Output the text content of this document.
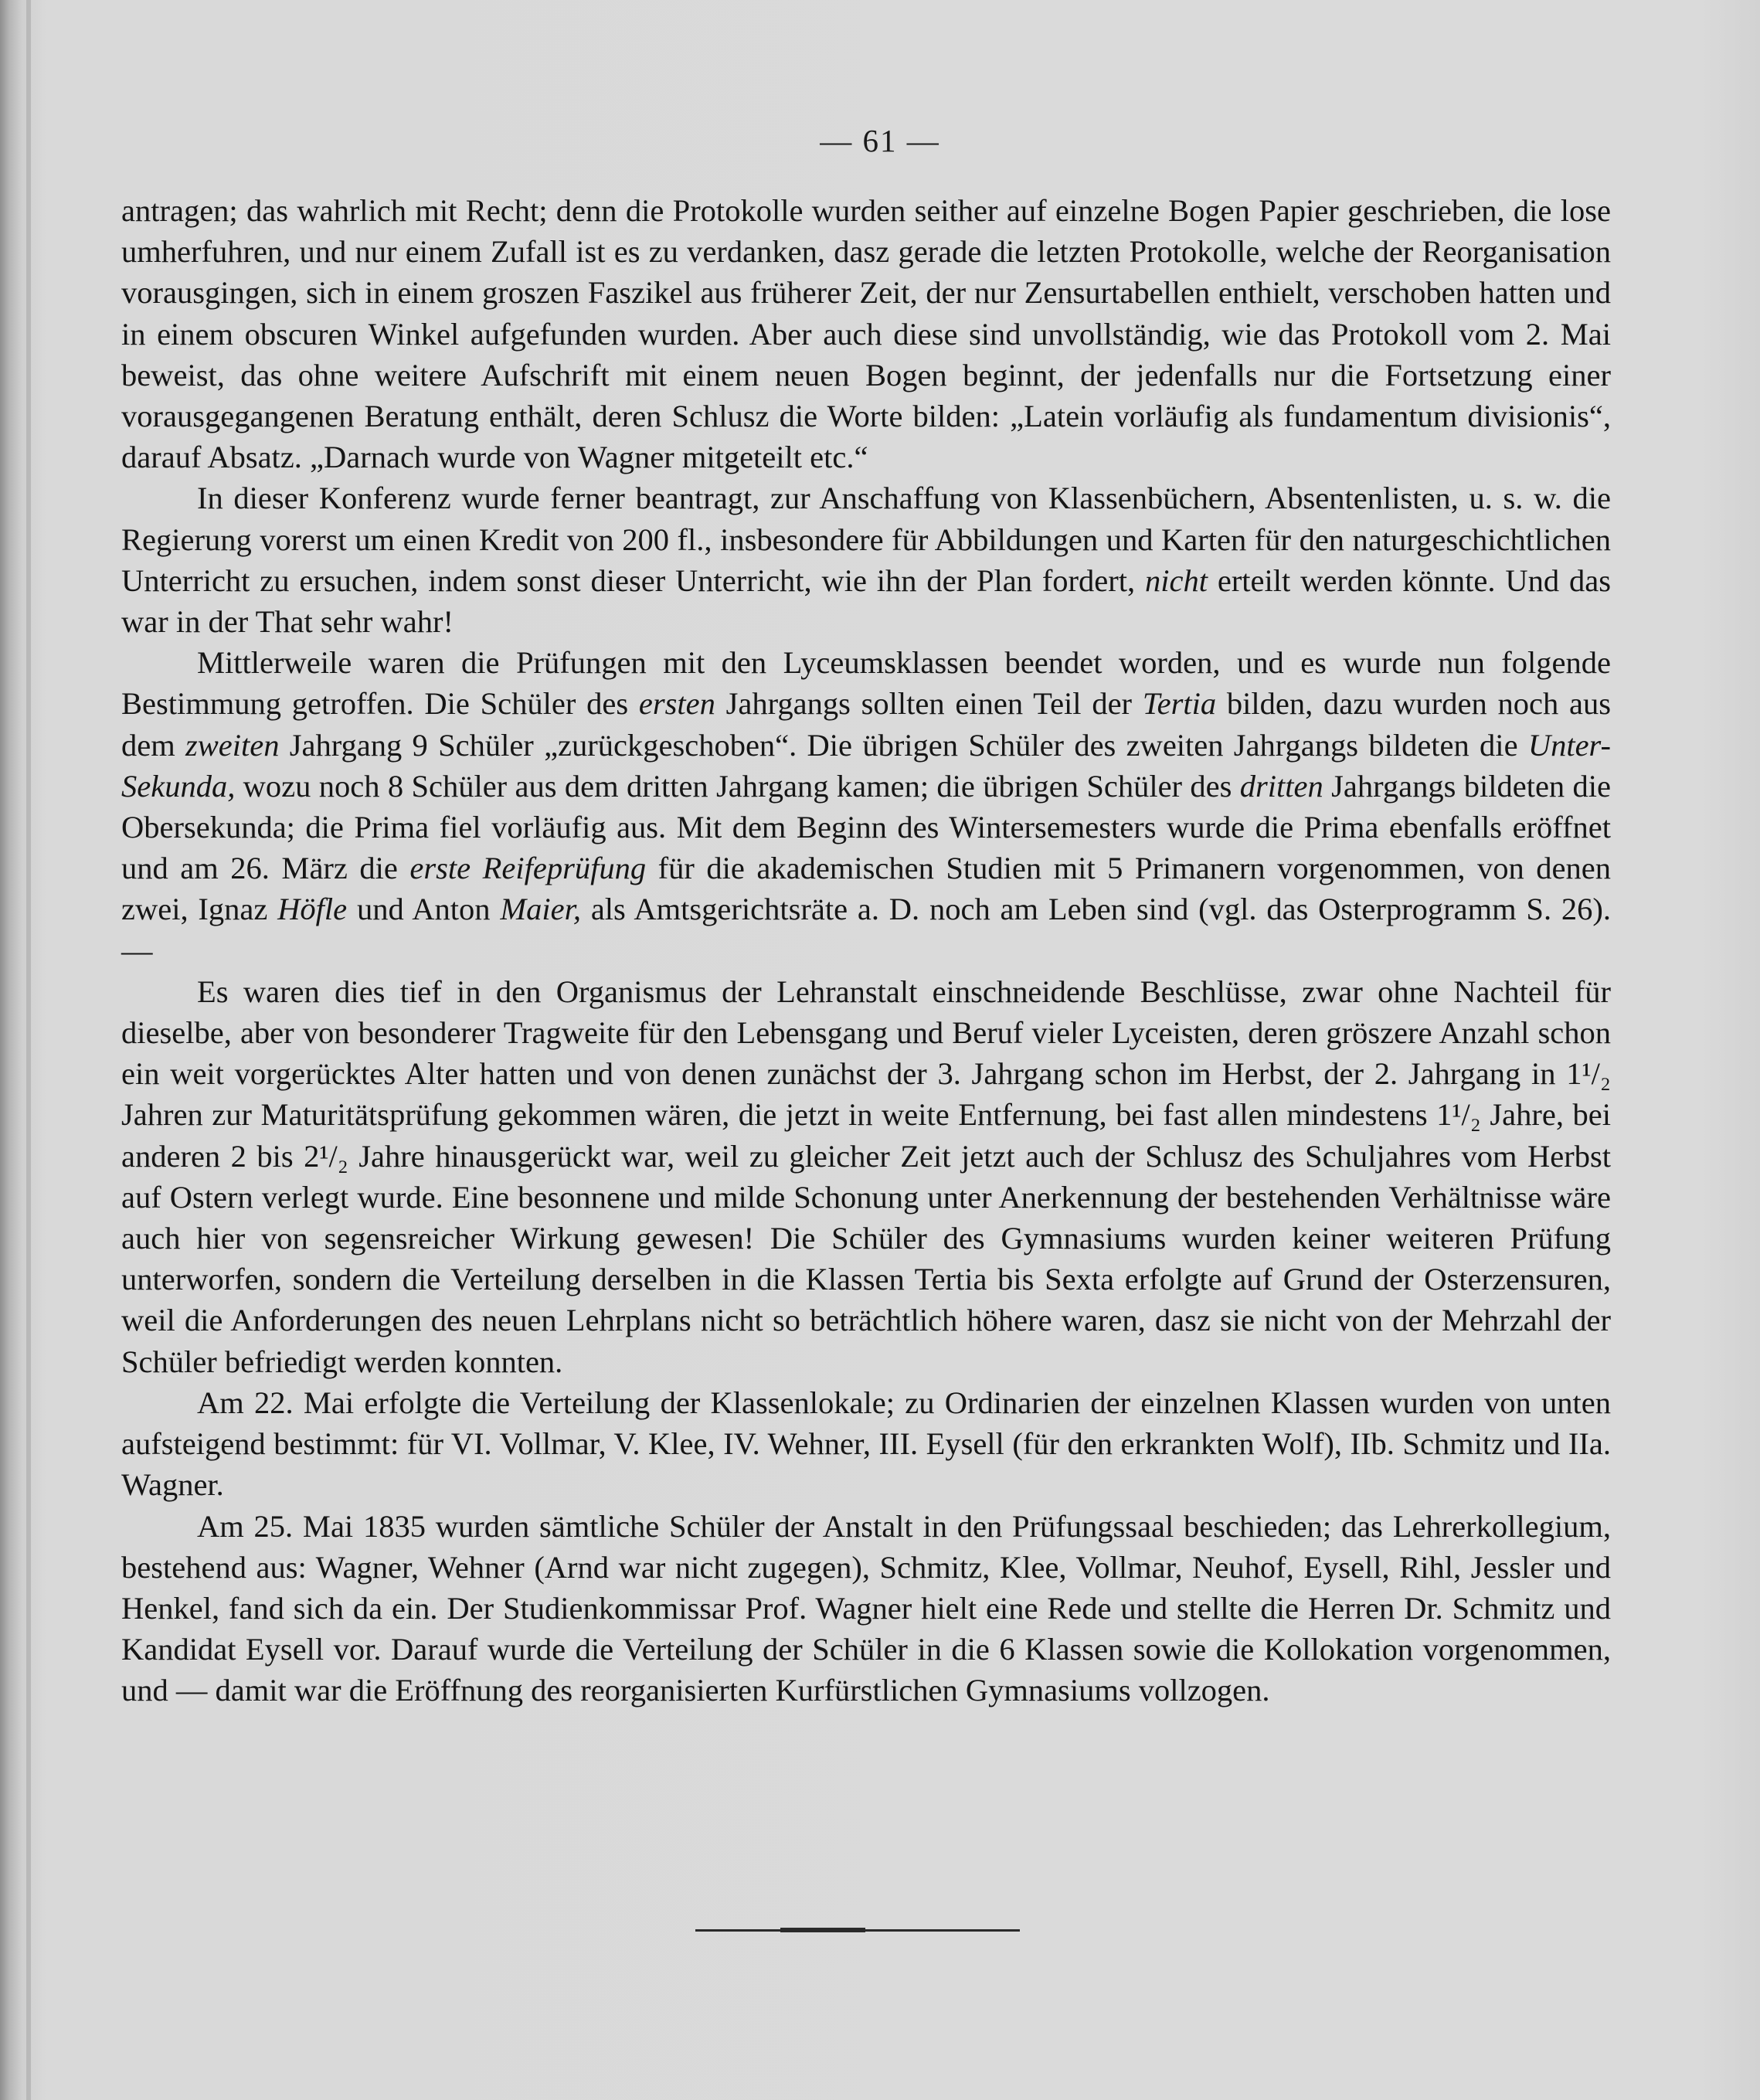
— 61 —

antragen; das wahrlich mit Recht; denn die Protokolle wurden seither auf einzelne Bogen Papier geschrieben, die lose umherfuhren, und nur einem Zufall ist es zu verdanken, dasz gerade die letzten Protokolle, welche der Reorganisation vorausgingen, sich in einem groszen Faszikel aus früherer Zeit, der nur Zensurtabellen enthielt, verschoben hatten und in einem obscuren Winkel aufgefunden wurden. Aber auch diese sind unvollständig, wie das Protokoll vom 2. Mai beweist, das ohne weitere Aufschrift mit einem neuen Bogen beginnt, der jedenfalls nur die Fortsetzung einer vorausgegangenen Beratung enthält, deren Schlusz die Worte bilden: „Latein vorläufig als fundamentum divisionis“, darauf Absatz. „Darnach wurde von Wagner mitgeteilt etc.“

In dieser Konferenz wurde ferner beantragt, zur Anschaffung von Klassenbüchern, Absentenlisten, u. s. w. die Regierung vorerst um einen Kredit von 200 fl., insbesondere für Abbildungen und Karten für den naturgeschichtlichen Unterricht zu ersuchen, indem sonst dieser Unterricht, wie ihn der Plan fordert, nicht erteilt werden könnte. Und das war in der That sehr wahr!

Mittlerweile waren die Prüfungen mit den Lyceumsklassen beendet worden, und es wurde nun folgende Bestimmung getroffen. Die Schüler des ersten Jahrgangs sollten einen Teil der Tertia bilden, dazu wurden noch aus dem zweiten Jahrgang 9 Schüler „zurückgeschoben“. Die übrigen Schüler des zweiten Jahrgangs bildeten die Unter-Sekunda, wozu noch 8 Schüler aus dem dritten Jahrgang kamen; die übrigen Schüler des dritten Jahrgangs bildeten die Obersekunda; die Prima fiel vorläufig aus. Mit dem Beginn des Wintersemesters wurde die Prima ebenfalls eröffnet und am 26. März die erste Reifeprüfung für die akademischen Studien mit 5 Primanern vorgenommen, von denen zwei, Ignaz Höfle und Anton Maier, als Amtsgerichtsräte a. D. noch am Leben sind (vgl. das Osterprogramm S. 26). —

Es waren dies tief in den Organismus der Lehranstalt einschneidende Beschlüsse, zwar ohne Nachteil für dieselbe, aber von besonderer Tragweite für den Lebensgang und Beruf vieler Lyceisten, deren gröszere Anzahl schon ein weit vorgerücktes Alter hatten und von denen zunächst der 3. Jahrgang schon im Herbst, der 2. Jahrgang in 1¹/₂ Jahren zur Maturitätsprüfung gekommen wären, die jetzt in weite Entfernung, bei fast allen mindestens 1¹/₂ Jahre, bei anderen 2 bis 2¹/₂ Jahre hinausgerückt war, weil zu gleicher Zeit jetzt auch der Schlusz des Schuljahres vom Herbst auf Ostern verlegt wurde. Eine besonnene und milde Schonung unter Anerkennung der bestehenden Verhältnisse wäre auch hier von segensreicher Wirkung gewesen! Die Schüler des Gymnasiums wurden keiner weiteren Prüfung unterworfen, sondern die Verteilung derselben in die Klassen Tertia bis Sexta erfolgte auf Grund der Osterzensuren, weil die Anforderungen des neuen Lehrplans nicht so beträchtlich höhere waren, dasz sie nicht von der Mehrzahl der Schüler befriedigt werden konnten.

Am 22. Mai erfolgte die Verteilung der Klassenlokale; zu Ordinarien der einzelnen Klassen wurden von unten aufsteigend bestimmt: für VI. Vollmar, V. Klee, IV. Wehner, III. Eysell (für den erkrankten Wolf), IIb. Schmitz und IIa. Wagner.

Am 25. Mai 1835 wurden sämtliche Schüler der Anstalt in den Prüfungssaal beschieden; das Lehrerkollegium, bestehend aus: Wagner, Wehner (Arnd war nicht zugegen), Schmitz, Klee, Vollmar, Neuhof, Eysell, Rihl, Jessler und Henkel, fand sich da ein. Der Studienkommissar Prof. Wagner hielt eine Rede und stellte die Herren Dr. Schmitz und Kandidat Eysell vor. Darauf wurde die Verteilung der Schüler in die 6 Klassen sowie die Kollokation vorgenommen, und — damit war die Eröffnung des reorganisierten Kurfürstlichen Gymnasiums vollzogen.
